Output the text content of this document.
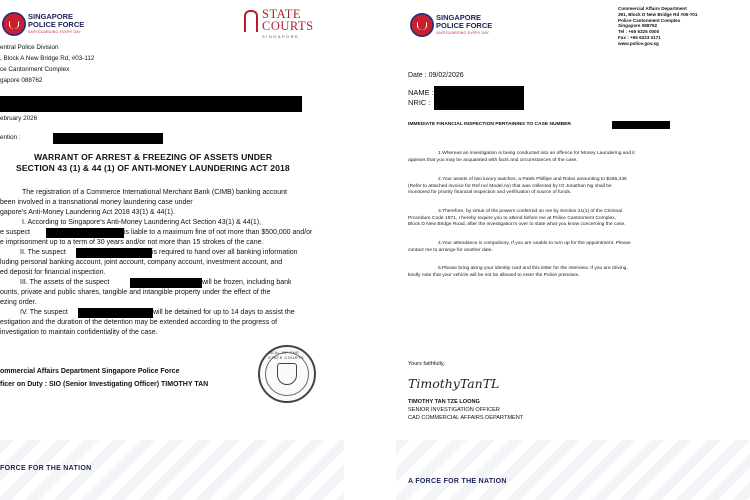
SINGAPORE
POLICE FORCE
SAFEGUARDING EVERY DAY
STATE
COURTS
SINGAPORE
entral Police Division
, Block A New Bridge Rd, #03-112
ce Cantonment Complex
gapore 088762
ebruary 2026
ention :
WARRANT OF ARREST & FREEZING OF ASSETS UNDER
SECTION 43 (1) & 44 (1) OF ANTI-MONEY LAUNDERING ACT 2018
The registration of a Commerce International Merchant Bank (CIMB) banking account
been involved in a transnational money laundering case under
gapore's Anti-Money Laundering Act 2018 43(1) & 44(1).
I. According to Singapore's Anti-Money Laundering Act Section 43(1) & 44(1),
e suspect	is liable to a maximum fine of not more than $500,000 and/or
e imprisonment up to a term of 30 years and/or not more than 15 strokes of the cane.
II. The suspect	is required to hand over all banking information
luding personal banking account, joint account, company account, investment account, and
ed deposit for financial inspection.
III. The assets of the suspect	will be frozen, including bank
ounts, private and public shares, tangible and intangible property under the effect of the
ezing order.
IV. The suspect	will be detained for up to 14 days to assist the
estigation and the duration of the detention may be extended according to the progress of
investigation to maintain confidentiality of the case.
ommercial Affairs Department Singapore Police Force
ficer on Duty : SIO (Senior Investigating Officer) TIMOTHY TAN
SEAL OF THE STATE COURTS
FORCE FOR THE NATION
SINGAPORE
POLICE FORCE
SAFEGUARDING EVERY DAY
Commercial Affairs Department
391, Block D New Bridge Rd #06-701
Police Cantonment Complex
Singapore 088762
Tel : +65 6325 0000
Fax : +65 6223 3171
www.police.gov.sg
Date : 09/02/2026
NAME :
NRIC :
IMMEDIATE FINANCIAL INSPECTION PERTAINING TO CASE NUMBER
1.Whereas an investigation is being conducted into an offence for Money Laundering and it
appears that you may be acquainted with facts and circumstances of the case.
2.Your assets of two luxury watches, a Patek Phillipe and Rolex amounting to $266,435
(Refer to attached invoice for Ref.no/ Model.no) that was collected by IO Jonathan Ng shall be
monitored for priority financial inspection and verification of source of funds.
3.Therefore, by virtue of the powers conferred on me by Section 21(1) of the Criminal
Procedure Code 1871, I hereby require you to attend before me at Police Cantonment Complex,
Block D New Bridge Road, after the investigation's over to state what you know concerning the case.
4.Your attendance is compulsory. If you are unable to turn up for the appointment. Please
contact me to arrange for another date.
5.Please bring along your identity card and this letter for the interview. If you are driving,
kindly note that your vehicle will be not be allowed to enter the Police premises.
Yours faithfully,
TimothyTanTL
TIMOTHY TAN TZE LOONG
SENIOR INVESTIGATION OFFICER
CAD COMMERCIAL AFFAIRS DEPARTMENT
A FORCE FOR THE NATION
